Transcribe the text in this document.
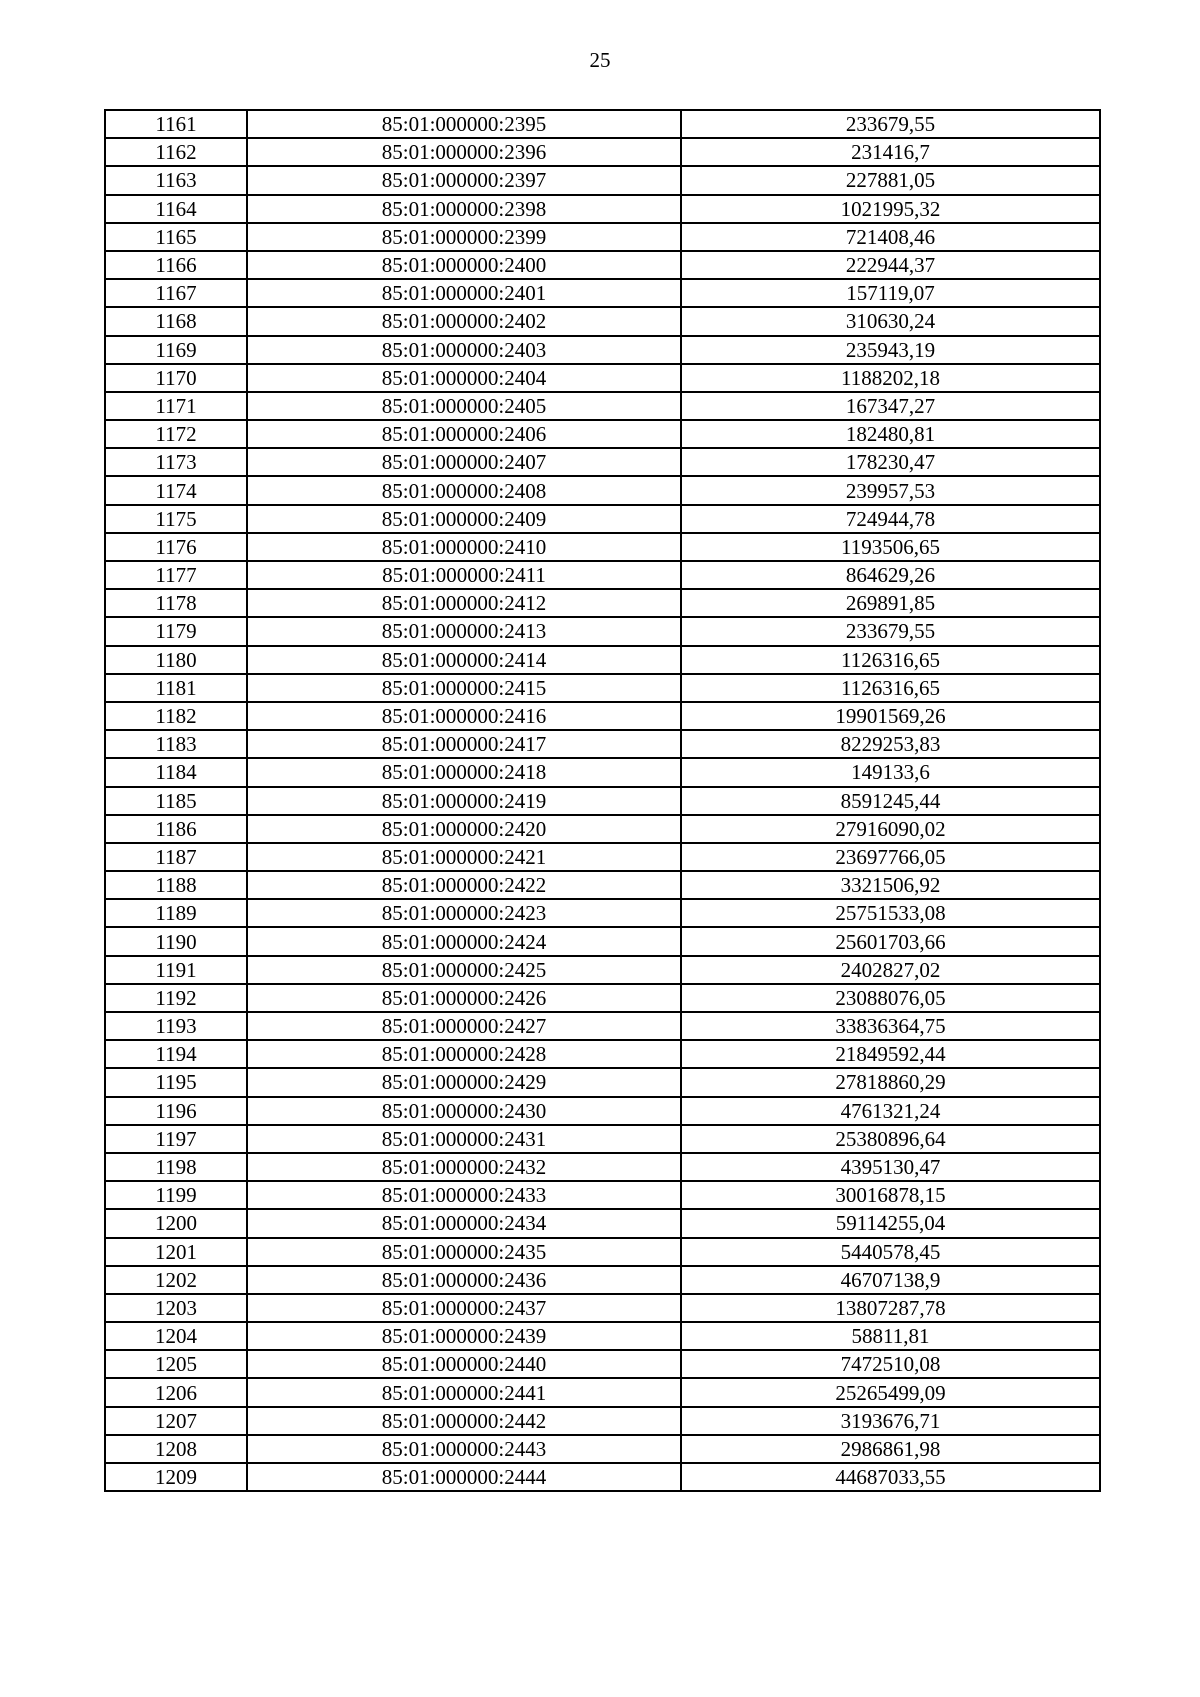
25
1161	85:01:000000:2395	233679,55
1162	85:01:000000:2396	231416,7
1163	85:01:000000:2397	227881,05
1164	85:01:000000:2398	1021995,32
1165	85:01:000000:2399	721408,46
1166	85:01:000000:2400	222944,37
1167	85:01:000000:2401	157119,07
1168	85:01:000000:2402	310630,24
1169	85:01:000000:2403	235943,19
1170	85:01:000000:2404	1188202,18
1171	85:01:000000:2405	167347,27
1172	85:01:000000:2406	182480,81
1173	85:01:000000:2407	178230,47
1174	85:01:000000:2408	239957,53
1175	85:01:000000:2409	724944,78
1176	85:01:000000:2410	1193506,65
1177	85:01:000000:2411	864629,26
1178	85:01:000000:2412	269891,85
1179	85:01:000000:2413	233679,55
1180	85:01:000000:2414	1126316,65
1181	85:01:000000:2415	1126316,65
1182	85:01:000000:2416	19901569,26
1183	85:01:000000:2417	8229253,83
1184	85:01:000000:2418	149133,6
1185	85:01:000000:2419	8591245,44
1186	85:01:000000:2420	27916090,02
1187	85:01:000000:2421	23697766,05
1188	85:01:000000:2422	3321506,92
1189	85:01:000000:2423	25751533,08
1190	85:01:000000:2424	25601703,66
1191	85:01:000000:2425	2402827,02
1192	85:01:000000:2426	23088076,05
1193	85:01:000000:2427	33836364,75
1194	85:01:000000:2428	21849592,44
1195	85:01:000000:2429	27818860,29
1196	85:01:000000:2430	4761321,24
1197	85:01:000000:2431	25380896,64
1198	85:01:000000:2432	4395130,47
1199	85:01:000000:2433	30016878,15
1200	85:01:000000:2434	59114255,04
1201	85:01:000000:2435	5440578,45
1202	85:01:000000:2436	46707138,9
1203	85:01:000000:2437	13807287,78
1204	85:01:000000:2439	58811,81
1205	85:01:000000:2440	7472510,08
1206	85:01:000000:2441	25265499,09
1207	85:01:000000:2442	3193676,71
1208	85:01:000000:2443	2986861,98
1209	85:01:000000:2444	44687033,55
